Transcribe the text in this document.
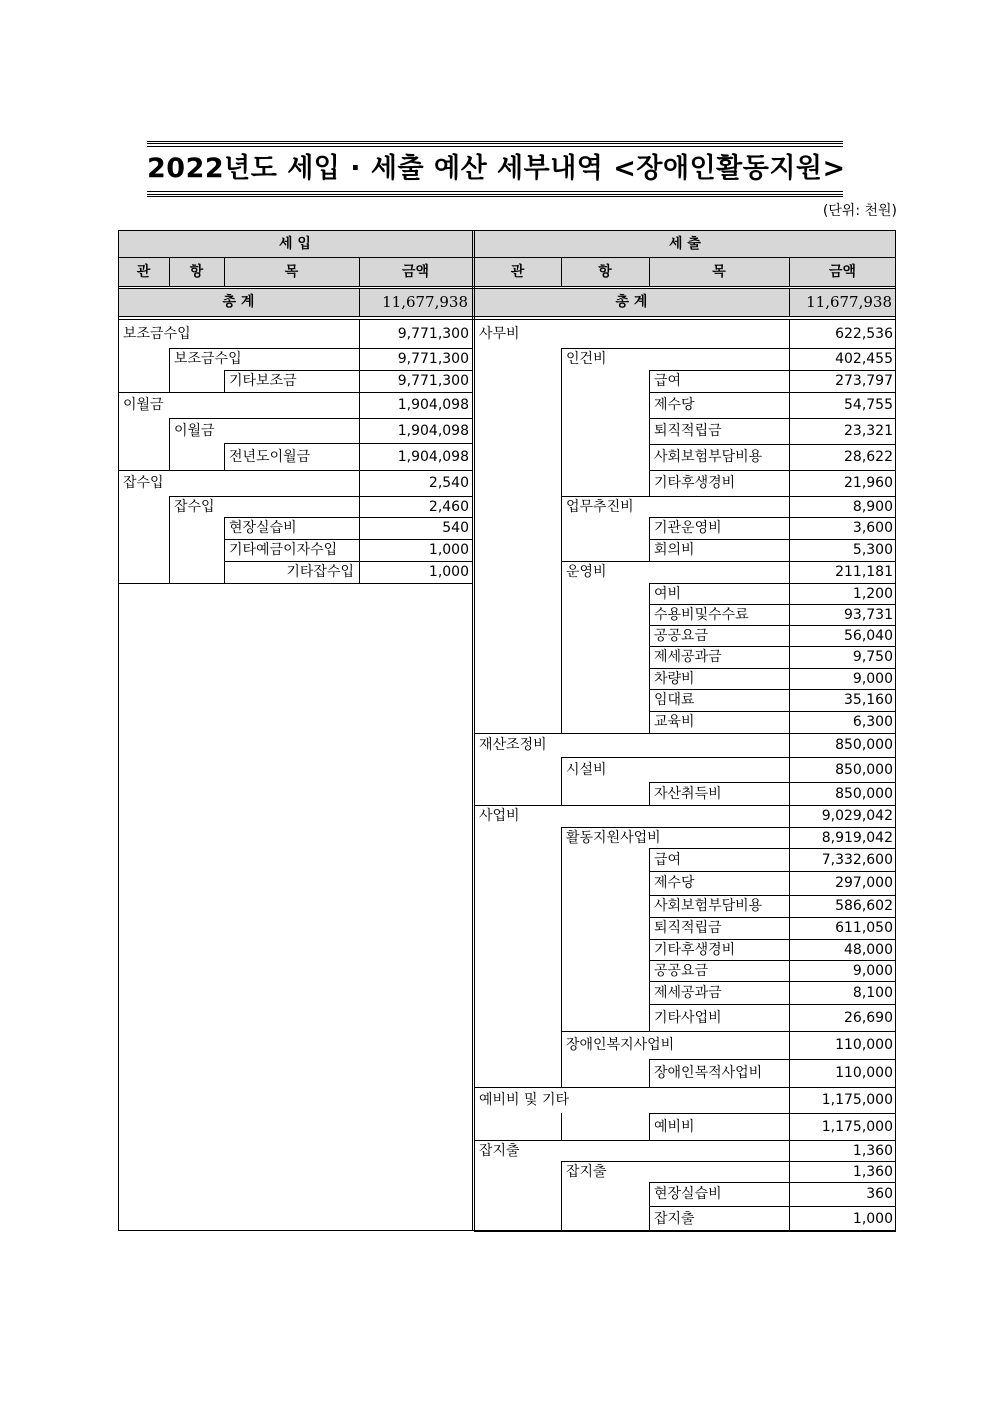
2022년도 세입 · 세출 예산 세부내역 <장애인활동지원>
(단위: 천원)
세 입	세 출
관	관
항	항
목	목
금액	금액
총 계	11,677,938	총 계	11,677,938
보조금수입	9,771,300
보조금수입	9,771,300
기타보조금	9,771,300
이월금	1,904,098
이월금	1,904,098
전년도이월금	1,904,098
잡수입	2,540
잡수입	2,460
현장실습비	540
기타예금이자수입	1,000
기타잡수입	1,000
사무비	622,536
인건비	402,455
급여	273,797
제수당	54,755
퇴직적립금	23,321
사회보험부담비용	28,622
기타후생경비	21,960
업무추진비	8,900
기관운영비	3,600
회의비	5,300
운영비	211,181
여비	1,200
수용비및수수료	93,731
공공요금	56,040
제세공과금	9,750
차량비	9,000
임대료	35,160
교육비	6,300
재산조정비	850,000
시설비	850,000
자산취득비	850,000
사업비	9,029,042
활동지원사업비	8,919,042
급여	7,332,600
제수당	297,000
사회보험부담비용	586,602
퇴직적립금	611,050
기타후생경비	48,000
공공요금	9,000
제세공과금	8,100
기타사업비	26,690
장애인복지사업비	110,000
장애인목적사업비	110,000
예비비 및 기타	1,175,000
예비비	1,175,000
잡지출	1,360
잡지출	1,360
현장실습비	360
잡지출	1,000
